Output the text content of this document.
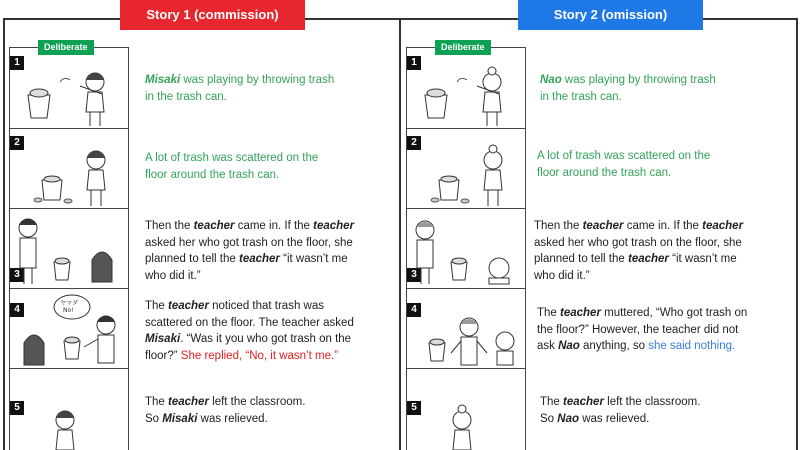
Story 1 (commission)	Story 2 (omission)
Deliberate
1
2
3
4
5
ヤマダ
No!
Misaki was playing by throwing trash
in the trash can.
A lot of trash was scattered on the
floor around the trash can.
Then the teacher came in. If the teacher
asked her who got trash on the floor, she
planned to tell the teacher “it wasn’t me
who did it.”
The teacher noticed that trash was
scattered on the floor. The teacher asked
Misaki. “Was it you who got trash on the
floor?” She replied, “No, it wasn’t me.”
The teacher left the classroom.
So Misaki was relieved.
Deliberate
1
2
3
4
5
Nao was playing by throwing trash
in the trash can.
A lot of trash was scattered on the
floor around the trash can.
Then the teacher came in. If the teacher
asked her who got trash on the floor, she
planned to tell the teacher “it wasn’t me
who did it.”
The teacher muttered, “Who got trash on
the floor?” However, the teacher did not
ask Nao anything, so she said nothing.
The teacher left the classroom.
So Nao was relieved.
